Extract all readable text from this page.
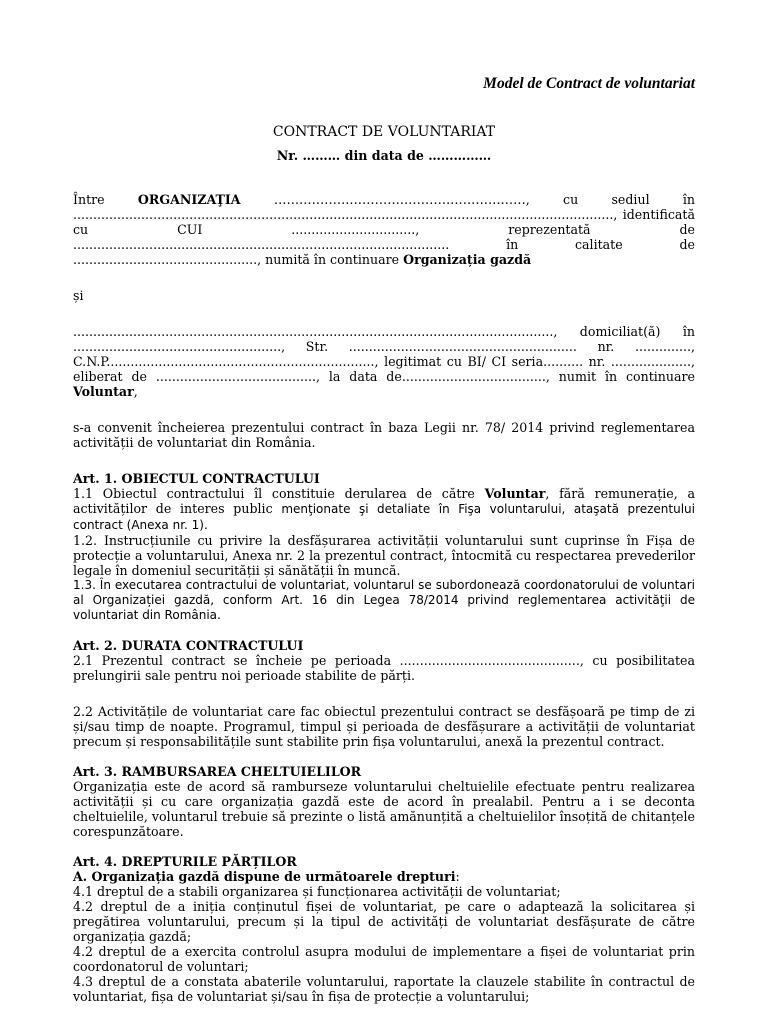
Model de Contract de voluntariat
CONTRACT DE VOLUNTARIAT
Nr. ……… din data de ……………

Între ORGANIZAŢIA ……………………………………………………, cu sediul în ......................................................................................................................................., identificată cu CUI ..............................., reprezentată de .............................................................................................. în calitate de .............................................., numită în continuare Organizația gazdă

și

........................................................................................................................, domiciliat(ă) în ...................................................., Str. ......................................................... nr. .............., C.N.P..................................................................., legitimat cu BI/ CI seria.......... nr. ...................., eliberat de ........................................, la data de...................................., numit în continuare Voluntar,

s-a convenit încheierea prezentului contract în baza Legii nr. 78/ 2014 privind reglementarea activității de voluntariat din România.

Art. 1. OBIECTUL CONTRACTULUI

1.1 Obiectul contractului îl constituie derularea de către Voluntar, fără remunerație, a activităților de interes public menţionate şi detaliate în Fişa voluntarului, ataşată prezentului contract (Anexa nr. 1).

1.2. Instrucțiunile cu privire la desfășurarea activității voluntarului sunt cuprinse în Fișa de protecție a voluntarului, Anexa nr. 2 la prezentul contract, întocmită cu respectarea prevederilor legale în domeniul securității și sănătății în muncă.

1.3. În executarea contractului de voluntariat, voluntarul se subordonează coordonatorului de voluntari al Organizației gazdă, conform Art. 16 din Legea 78/2014 privind reglementarea activităţii de voluntariat din România.

Art. 2. DURATA CONTRACTULUI

2.1 Prezentul contract se încheie pe perioada ............................................., cu posibilitatea prelungirii sale pentru noi perioade stabilite de părți.

2.2 Activitățile de voluntariat care fac obiectul prezentului contract se desfășoară pe timp de zi și/sau timp de noapte. Programul, timpul și perioada de desfășurare a activității de voluntariat precum și responsabilitățile sunt stabilite prin fișa voluntarului, anexă la prezentul contract.

Art. 3. RAMBURSAREA CHELTUIELILOR

Organizația este de acord să ramburseze voluntarului cheltuielile efectuate pentru realizarea activității și cu care organizația gazdă este de acord în prealabil. Pentru a i se deconta cheltuielile, voluntarul trebuie să prezinte o listă amănunțită a cheltuielilor însoțită de chitanțele corespunzătoare.

Art. 4. DREPTURILE PĂRȚILOR

A. Organizația gazdă dispune de următoarele drepturi:

4.1 dreptul de a stabili organizarea și funcționarea activității de voluntariat;

4.2 dreptul de a iniția conținutul fișei de voluntariat, pe care o adaptează la solicitarea și pregătirea voluntarului, precum și la tipul de activități de voluntariat desfășurate de către organizația gazdă;

4.2 dreptul de a exercita controlul asupra modului de implementare a fișei de voluntariat prin coordonatorul de voluntari;

4.3 dreptul de a constata abaterile voluntarului, raportate la clauzele stabilite în contractul de voluntariat, fișa de voluntariat și/sau în fișa de protecție a voluntarului;
